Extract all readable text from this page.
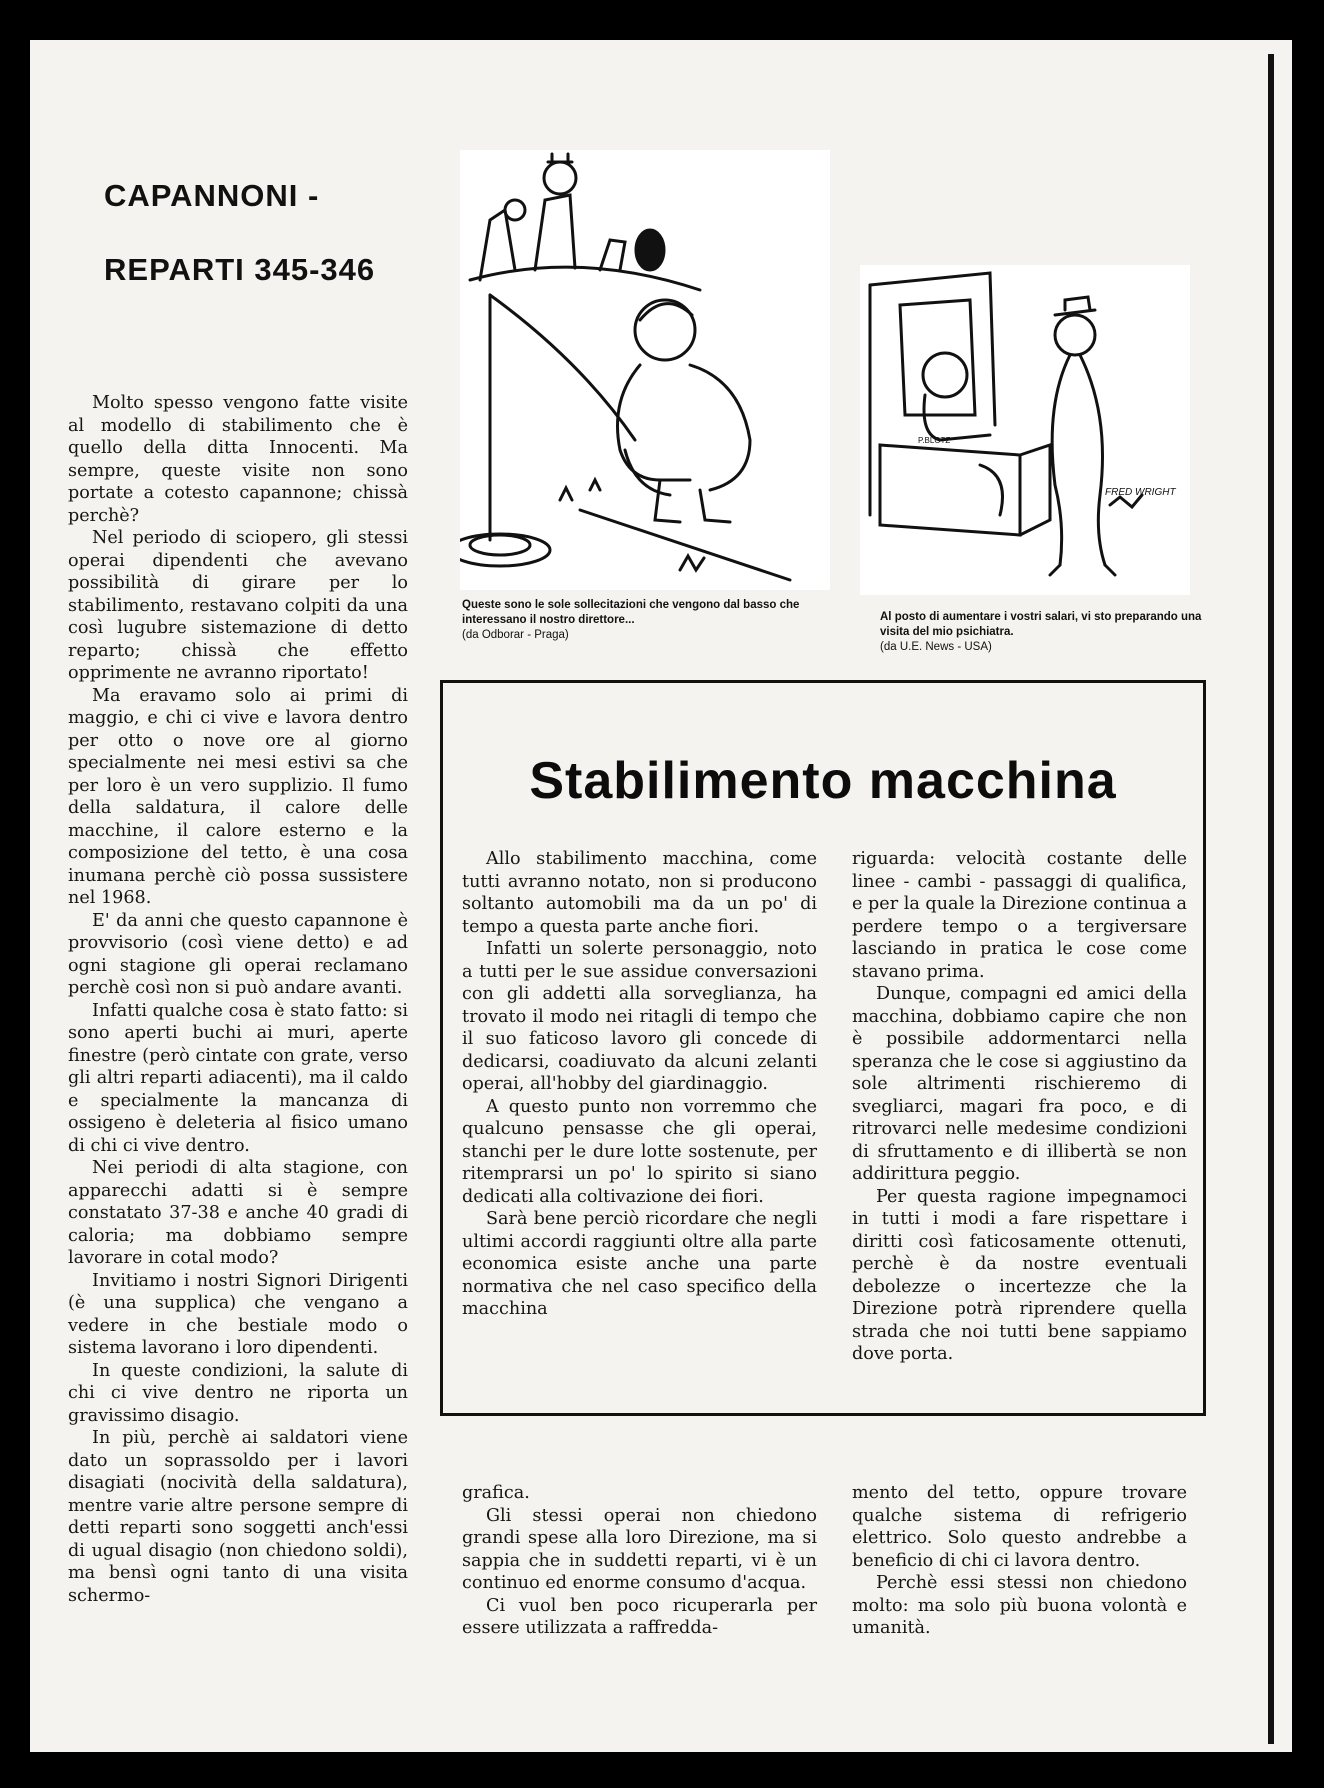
CAPANNONI -
REPARTI 345-346

Queste sono le sole sollecitazioni che vengono dal basso che interessano il nostro direttore...
(da Odborar - Praga)

P.BLOTZ
FRED WRIGHT

Al posto di aumentare i vostri salari, vi sto preparando una visita del mio psichiatra.
(da U.E. News - USA)

Molto spesso vengono fatte visite al modello di stabilimento che è quello della ditta Innocenti. Ma sempre, queste visite non sono portate a cotesto capannone; chissà perchè?

Nel periodo di sciopero, gli stessi operai dipendenti che avevano possibilità di girare per lo stabilimento, restavano colpiti da una così lugubre sistemazione di detto reparto; chissà che effetto opprimente ne avranno riportato!

Ma eravamo solo ai primi di maggio, e chi ci vive e lavora dentro per otto o nove ore al giorno specialmente nei mesi estivi sa che per loro è un vero supplizio. Il fumo della saldatura, il calore delle macchine, il calore esterno e la composizione del tetto, è una cosa inumana perchè ciò possa sussistere nel 1968.

E' da anni che questo capannone è provvisorio (così viene detto) e ad ogni stagione gli operai reclamano perchè così non si può andare avanti.

Infatti qualche cosa è stato fatto: si sono aperti buchi ai muri, aperte finestre (però cintate con grate, verso gli altri reparti adiacenti), ma il caldo e specialmente la mancanza di ossigeno è deleteria al fisico umano di chi ci vive dentro.

Nei periodi di alta stagione, con apparecchi adatti si è sempre constatato 37-38 e anche 40 gradi di caloria; ma dobbiamo sempre lavorare in cotal modo?

Invitiamo i nostri Signori Dirigenti (è una supplica) che vengano a vedere in che bestiale modo o sistema lavorano i loro dipendenti.

In queste condizioni, la salute di chi ci vive dentro ne riporta un gravissimo disagio.

In più, perchè ai saldatori viene dato un soprassoldo per i lavori disagiati (nocività della saldatura), mentre varie altre persone sempre di detti reparti sono soggetti anch'essi di ugual disagio (non chiedono soldi), ma bensì ogni tanto di una visita schermo-

Stabilimento macchina

Allo stabilimento macchina, come tutti avranno notato, non si producono soltanto automobili ma da un po' di tempo a questa parte anche fiori.

Infatti un solerte personaggio, noto a tutti per le sue assidue conversazioni con gli addetti alla sorveglianza, ha trovato il modo nei ritagli di tempo che il suo faticoso lavoro gli concede di dedicarsi, coadiuvato da alcuni zelanti operai, all'hobby del giardinaggio.

A questo punto non vorremmo che qualcuno pensasse che gli operai, stanchi per le dure lotte sostenute, per ritemprarsi un po' lo spirito si siano dedicati alla coltivazione dei fiori.

Sarà bene perciò ricordare che negli ultimi accordi raggiunti oltre alla parte economica esiste anche una parte normativa che nel caso specifico della macchina

riguarda: velocità costante delle linee - cambi - passaggi di qualifica, e per la quale la Direzione continua a perdere tempo o a tergiversare lasciando in pratica le cose come stavano prima.

Dunque, compagni ed amici della macchina, dobbiamo capire che non è possibile addormentarci nella speranza che le cose si aggiustino da sole altrimenti rischieremo di svegliarci, magari fra poco, e di ritrovarci nelle medesime condizioni di sfruttamento e di illibertà se non addirittura peggio.

Per questa ragione impegnamoci in tutti i modi a fare rispettare i diritti così faticosamente ottenuti, perchè è da nostre eventuali debolezze o incertezze che la Direzione potrà riprendere quella strada che noi tutti bene sappiamo dove porta.

grafica.

Gli stessi operai non chiedono grandi spese alla loro Direzione, ma si sappia che in suddetti reparti, vi è un continuo ed enorme consumo d'acqua.

Ci vuol ben poco ricuperarla per essere utilizzata a raffredda-

mento del tetto, oppure trovare qualche sistema di refrigerio elettrico. Solo questo andrebbe a beneficio di chi ci lavora dentro.

Perchè essi stessi non chiedono molto: ma solo più buona volontà e umanità.
